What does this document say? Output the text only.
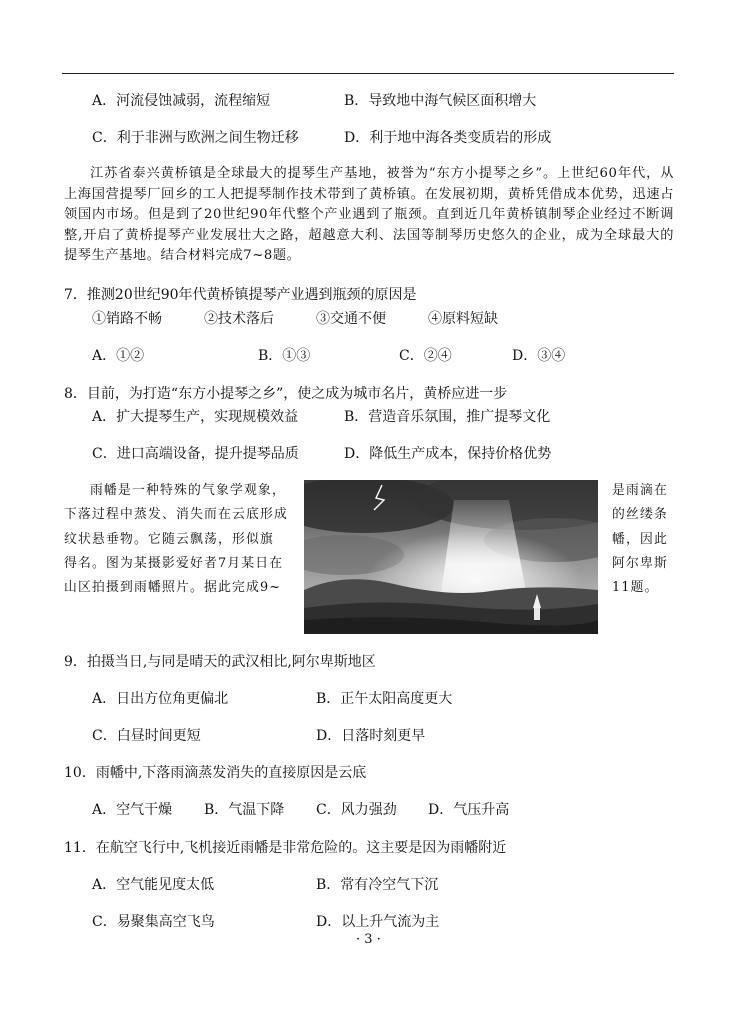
A．河流侵蚀减弱，流程缩短	B．导致地中海气候区面积增大
C．利于非洲与欧洲之间生物迁移	D．利于地中海各类变质岩的形成

江苏省泰兴黄桥镇是全球最大的提琴生产基地，被誉为“东方小提琴之乡”。上世纪60年代，从上海国营提琴厂回乡的工人把提琴制作技术带到了黄桥镇。在发展初期，黄桥凭借成本优势，迅速占领国内市场。但是到了20世纪90年代整个产业遇到了瓶颈。直到近几年黄桥镇制琴企业经过不断调整,开启了黄桥提琴产业发展壮大之路，超越意大利、法国等制琴历史悠久的企业，成为全球最大的提琴生产基地。结合材料完成7~8题。

7．推测20世纪90年代黄桥镇提琴产业遇到瓶颈的原因是
①销路不畅	②技术落后	③交通不便	④原料短缺
A．①②	B．①③	C．②④	D．③④
8．目前，为打造“东方小提琴之乡”，使之成为城市名片，黄桥应进一步
A．扩大提琴生产，实现规模效益	B．营造音乐氛围，推广提琴文化
C．进口高端设备，提升提琴品质	D．降低生产成本，保持价格优势
雨幡是一种特殊的气象学观象，
下落过程中蒸发、消失而在云底形成
纹状悬垂物。它随云飘荡，形似旗
得名。图为某摄影爱好者7月某日在
山区拍摄到雨幡照片。据此完成9~
是雨滴在
的丝缕条
幡，因此
阿尔卑斯
11题。
9．拍摄当日,与同是晴天的武汉相比,阿尔卑斯地区
A．日出方位角更偏北	B．正午太阳高度更大
C．白昼时间更短	D．日落时刻更早
10．雨幡中,下落雨滴蒸发消失的直接原因是云底
A．空气干燥 B．气温下降 C．风力强劲 D．气压升高
11．在航空飞行中,飞机接近雨幡是非常危险的。这主要是因为雨幡附近
A．空气能见度太低	B．常有冷空气下沉
C．易聚集高空飞鸟	D．以上升气流为主
· 3 ·
